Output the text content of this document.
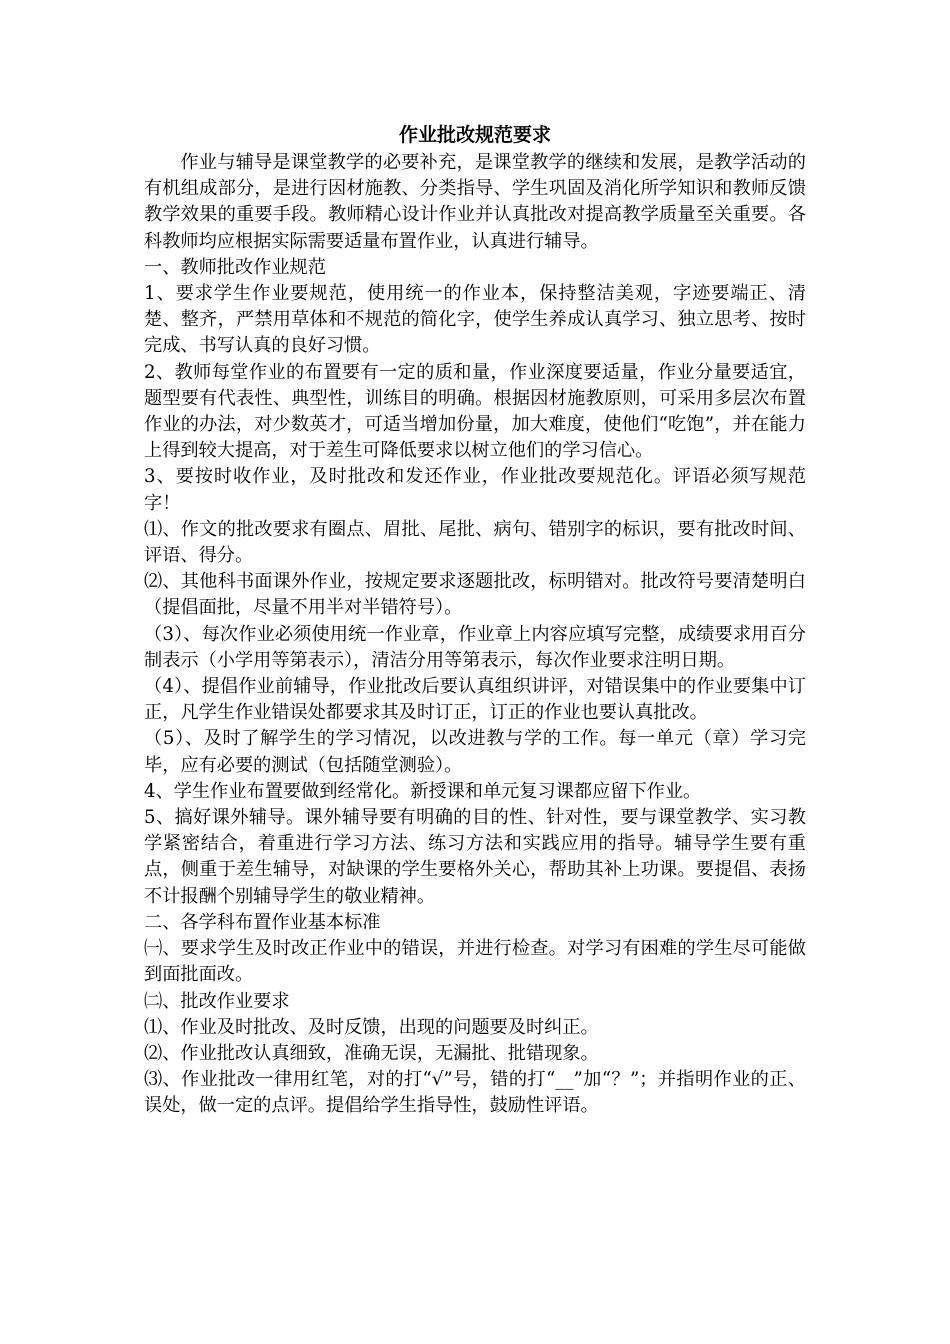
作业批改规范要求

作业与辅导是课堂教学的必要补充，是课堂教学的继续和发展，是教学活动的有机组成部分，是进行因材施教、分类指导、学生巩固及消化所学知识和教师反馈教学效果的重要手段。教师精心设计作业并认真批改对提高教学质量至关重要。各科教师均应根据实际需要适量布置作业，认真进行辅导。

一、教师批改作业规范

1、要求学生作业要规范，使用统一的作业本，保持整洁美观，字迹要端正、清楚、整齐，严禁用草体和不规范的简化字，使学生养成认真学习、独立思考、按时完成、书写认真的良好习惯。

2、教师每堂作业的布置要有一定的质和量，作业深度要适量，作业分量要适宜，题型要有代表性、典型性，训练目的明确。根据因材施教原则，可采用多层次布置作业的办法，对少数英才，可适当增加份量，加大难度，使他们“吃饱”，并在能力上得到较大提高，对于差生可降低要求以树立他们的学习信心。

3、要按时收作业，及时批改和发还作业，作业批改要规范化。评语必须写规范字！

⑴、作文的批改要求有圈点、眉批、尾批、病句、错别字的标识，要有批改时间、评语、得分。

⑵、其他科书面课外作业，按规定要求逐题批改，标明错对。批改符号要清楚明白（提倡面批，尽量不用半对半错符号）。

（3）、每次作业必须使用统一作业章，作业章上内容应填写完整，成绩要求用百分制表示（小学用等第表示），清洁分用等第表示，每次作业要求注明日期。

（4）、提倡作业前辅导，作业批改后要认真组织讲评，对错误集中的作业要集中订正，凡学生作业错误处都要求其及时订正，订正的作业也要认真批改。

（5）、及时了解学生的学习情况，以改进教与学的工作。每一单元（章）学习完毕，应有必要的测试（包括随堂测验）。

4、学生作业布置要做到经常化。新授课和单元复习课都应留下作业。

5、搞好课外辅导。课外辅导要有明确的目的性、针对性，要与课堂教学、实习教学紧密结合，着重进行学习方法、练习方法和实践应用的指导。辅导学生要有重点，侧重于差生辅导，对缺课的学生要格外关心，帮助其补上功课。要提倡、表扬不计报酬个别辅导学生的敬业精神。

二、各学科布置作业基本标准

㈠、要求学生及时改正作业中的错误，并进行检查。对学习有困难的学生尽可能做到面批面改。

㈡、批改作业要求

⑴、作业及时批改、及时反馈，出现的问题要及时纠正。

⑵、作业批改认真细致，准确无误，无漏批、批错现象。

⑶、作业批改一律用红笔，对的打“√”号，错的打“__”加“？”；并指明作业的正、误处，做一定的点评。提倡给学生指导性，鼓励性评语。
